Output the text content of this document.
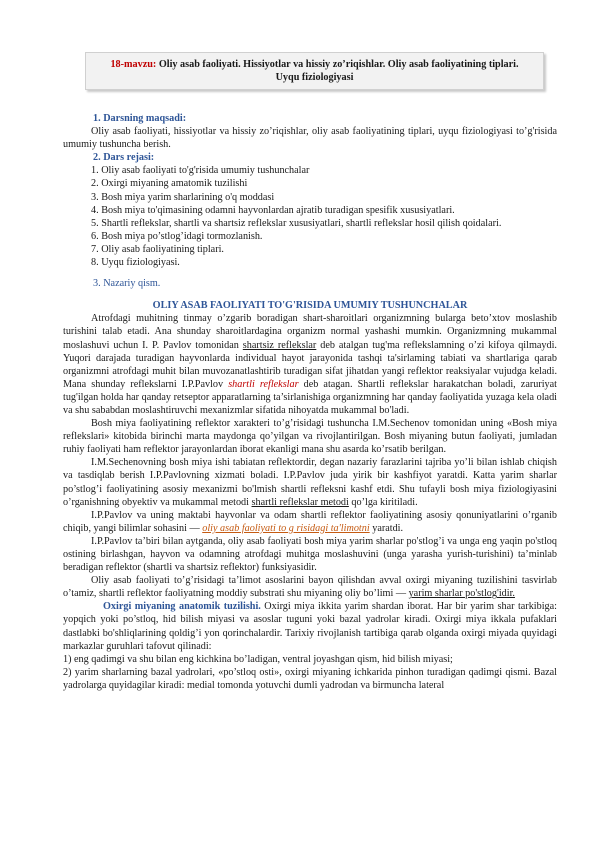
18-mavzu: Oliy asab faoliyati. Hissiyotlar va hissiy zo’riqishlar. Oliy asab faoliyatining tiplari.
Uyqu fiziologiyasi

1. Darsning maqsadi:

Oliy asab faoliyati, hissiyotlar va hissiy zo’riqishlar, oliy asab faoliyatining tiplari, uyqu fiziologiyasi to’g'risida umumiy tushuncha berish.

2. Dars rejasi:

1. Oliy asab faoliyati to'g'risida umumiy tushunchalar

2. Oxirgi miyaning amatomik tuzilishi

3. Bosh miya yarim sharlarining o'q moddasi

4. Bosh miya to'qimasining odamni hayvonlardan ajratib turadigan spesifik xususiyatlari.

5. Shartli reflekslar, shartli va shartsiz reflekslar xususiyatlari, shartli reflekslar hosil qilish qoidalari.

6. Bosh miya po’stlog’idagi tormozlanish.

7. Oliy asab faoliyatining tiplari.

8. Uyqu fiziologiyasi.

3. Nazariy qism.

OLIY ASAB FAOLIYATI TO'G'RISIDA UMUMIY TUSHUNCHALAR

Atrofdagi muhitning tinmay o’zgarib boradigan shart-sharoitlari organizmning bularga beto’xtov moslashib turishini talab etadi. Ana shunday sharoitlardagina organizm normal yashashi mumkin. Organizmning mukammal moslashuvi uchun I. P. Pavlov tomonidan shartsiz reflekslar deb atalgan tug'ma reflekslamning o’zi kifoya qilmaydi. Yuqori darajada turadigan hayvonlarda individual hayot jarayonida tashqi ta'sirlaming tabiati va shartlariga qarab organizmni atrofdagi muhit bilan muvozanatlashtirib turadigan sifat jihatdan yangi reflektor reaksiyalar vujudga keladi. Mana shunday reflekslarni I.P.Pavlov shartli reflekslar deb atagan. Shartli reflekslar harakatchan boladi, zaruriyat tug'ilgan holda har qanday retseptor apparatlarning ta’sirlanishiga organizmning har qanday faoliyatida yuzaga kela oladi va shu sababdan moslashtiruvchi mexanizmlar sifatida nihoyatda mukammal bo'ladi.

Bosh miya faoliyatining reflektor xarakteri to’g’risidagi tushuncha I.M.Sechenov tomonidan uning «Bosh miya reflekslari» kitobida birinchi marta maydonga qo’yilgan va rivojlantirilgan. Bosh miyaning butun faoliyati, jumladan ruhiy faoliyati ham reflektor jarayonlardan iborat ekanligi mana shu asarda ko’rsatib berilgan.

I.M.Sechenovning bosh miya ishi tabiatan reflektordir, degan nazariy farazlarini tajriba yo’li bilan ishlab chiqish va tasdiqlab berish I.P.Pavlovning xizmati boladi. I.P.Pavlov juda yirik bir kashfiyot yaratdi. Katta yarim sharlar po’stlog’i faoliyatining asosiy mexanizmi bo'lmish shartli refleksni kashf etdi. Shu tufayli bosh miya fiziologiyasini o’rganishning obyektiv va mukammal metodi shartli reflekslar metodi qo’lga kiritiladi.

I.P.Pavlov va uning maktabi hayvonlar va odam shartli reflektor faoliyatining asosiy qonuniyatlarini o’rganib chiqib, yangi bilimlar sohasini — oliy asab faoliyati to g risidagi ta'limotni yaratdi.

I.P.Pavlov ta’biri bilan aytganda, oliy asab faoliyati bosh miya yarim sharlar po'stlog’i va unga eng yaqin po'stloq ostining birlashgan, hayvon va odamning atrofdagi muhitga moslashuvini (unga yarasha yurish-turishini) ta’minlab beradigan reflektor (shartli va shartsiz reflektor) funksiyasidir.

Oliy asab faoliyati to’g’risidagi ta’limot asoslarini bayon qilishdan avval oxirgi miyaning tuzilishini tasvirlab o’tamiz, shartli reflektor faoliyatning moddiy substrati shu miyaning oliy bo’limi — yarim sharlar po'stlog'idir.

Oxirgi miyaning anatomik tuzilishi. Oxirgi miya ikkita yarim shardan iborat. Har bir yarim shar tarkibiga: yopqich yoki po’stloq, hid bilish miyasi va asoslar tuguni yoki bazal yadrolar kiradi. Oxirgi miya ikkala pufaklari dastlabki bo'shliqlarining qoldig’i yon qorinchalardir. Tarixiy rivojlanish tartibiga qarab olganda oxirgi miyada quyidagi markazlar guruhlari tafovut qilinadi:

1) eng qadimgi va shu bilan eng kichkina bo’ladigan, ventral joyashgan qism, hid bilish miyasi;

2) yarim sharlarning bazal yadrolari, «po’stloq osti», oxirgi miyaning ichkarida pinhon turadigan qadimgi qismi. Bazal yadrolarga quyidagilar kiradi: medial tomonda yotuvchi dumli yadrodan va birmuncha lateral
